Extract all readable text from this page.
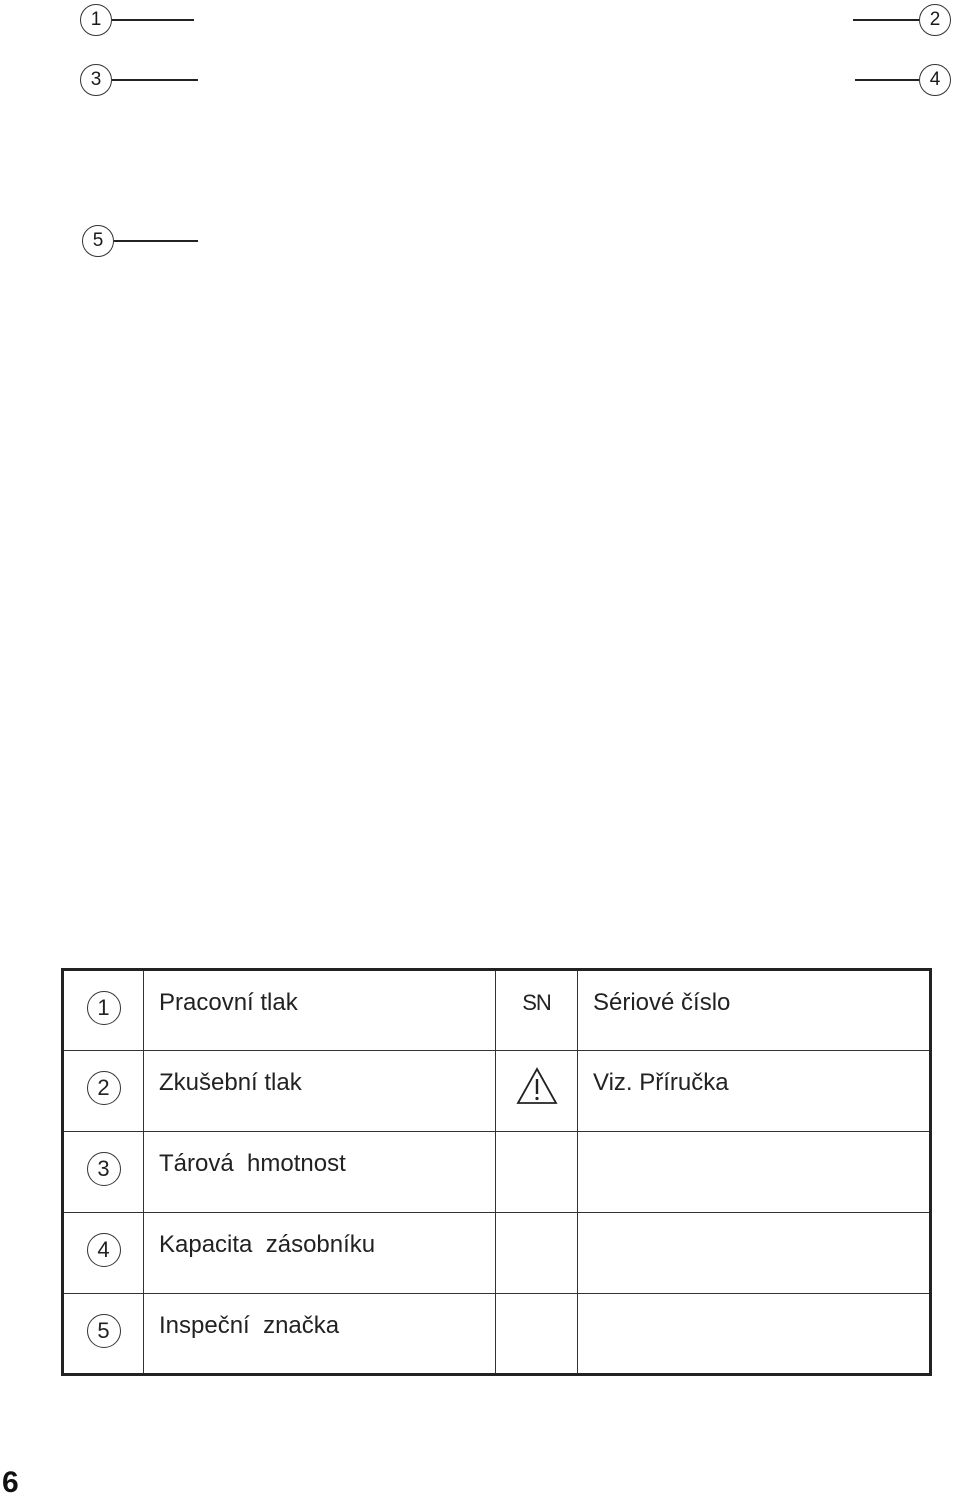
1	2
3	4
5
1	Pracovní tlak	SN	Sériové číslo
2	Zkušební tlak		Viz. Příručka
3	Tárová  hmotnost		
4	Kapacita  zásobníku		
5	Inspeční  značka		
6
